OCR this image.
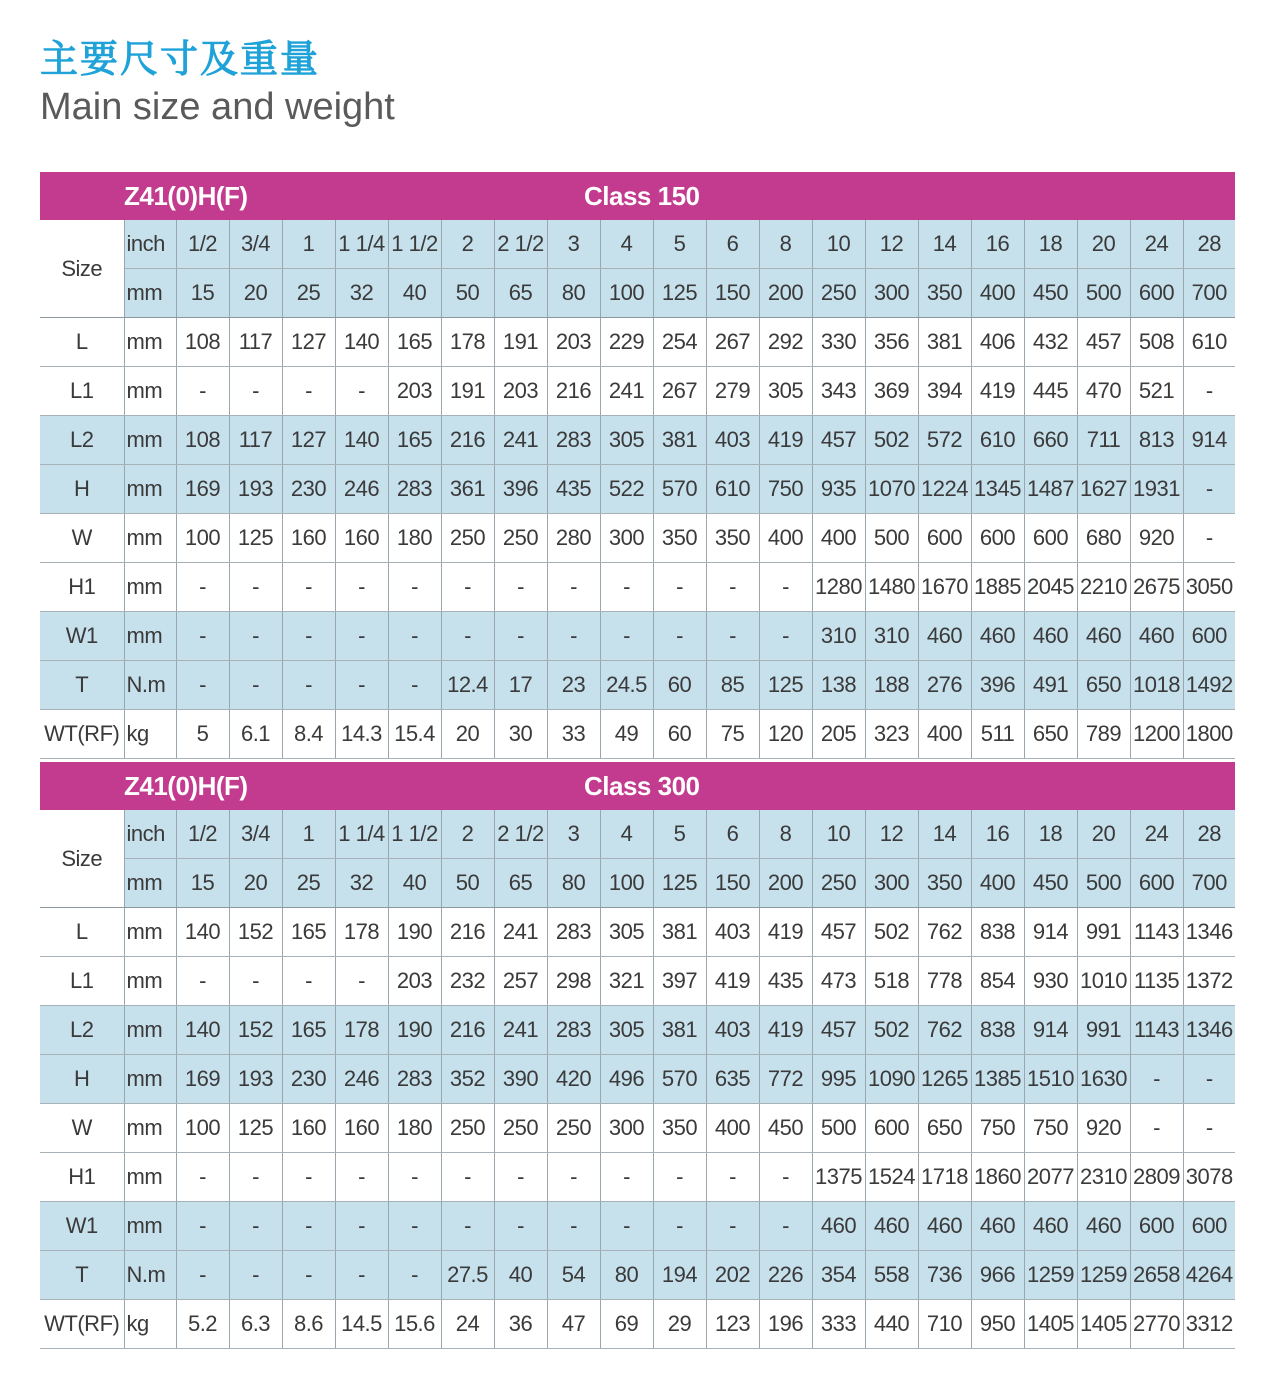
主要尺寸及重量
Main size and weight
Z41(0)H(F)		Class 150																			
Size	inch	1/2	3/4	1	1 1/4	1 1/2	2	2 1/2	3	4	5	6	8	10	12	14	16	18	20	24	28
	mm	15	20	25	32	40	50	65	80	100	125	150	200	250	300	350	400	450	500	600	700
L	mm	108	117	127	140	165	178	191	203	229	254	267	292	330	356	381	406	432	457	508	610
L1	mm	-	-	-	-	203	191	203	216	241	267	279	305	343	369	394	419	445	470	521	-
L2	mm	108	117	127	140	165	216	241	283	305	381	403	419	457	502	572	610	660	711	813	914
H	mm	169	193	230	246	283	361	396	435	522	570	610	750	935	1070	1224	1345	1487	1627	1931	-
W	mm	100	125	160	160	180	250	250	280	300	350	350	400	400	500	600	600	600	680	920	-
H1	mm	-	-	-	-	-	-	-	-	-	-	-	-	1280	1480	1670	1885	2045	2210	2675	3050
W1	mm	-	-	-	-	-	-	-	-	-	-	-	-	310	310	460	460	460	460	460	600
T	N.m	-	-	-	-	-	12.4	17	23	24.5	60	85	125	138	188	276	396	491	650	1018	1492
WT(RF)	kg	5	6.1	8.4	14.3	15.4	20	30	33	49	60	75	120	205	323	400	511	650	789	1200	1800
Z41(0)H(F)		Class 300																			
Size	inch	1/2	3/4	1	1 1/4	1 1/2	2	2 1/2	3	4	5	6	8	10	12	14	16	18	20	24	28
	mm	15	20	25	32	40	50	65	80	100	125	150	200	250	300	350	400	450	500	600	700
L	mm	140	152	165	178	190	216	241	283	305	381	403	419	457	502	762	838	914	991	1143	1346
L1	mm	-	-	-	-	203	232	257	298	321	397	419	435	473	518	778	854	930	1010	1135	1372
L2	mm	140	152	165	178	190	216	241	283	305	381	403	419	457	502	762	838	914	991	1143	1346
H	mm	169	193	230	246	283	352	390	420	496	570	635	772	995	1090	1265	1385	1510	1630	-	-
W	mm	100	125	160	160	180	250	250	250	300	350	400	450	500	600	650	750	750	920	-	-
H1	mm	-	-	-	-	-	-	-	-	-	-	-	-	1375	1524	1718	1860	2077	2310	2809	3078
W1	mm	-	-	-	-	-	-	-	-	-	-	-	-	460	460	460	460	460	460	600	600
T	N.m	-	-	-	-	-	27.5	40	54	80	194	202	226	354	558	736	966	1259	1259	2658	4264
WT(RF)	kg	5.2	6.3	8.6	14.5	15.6	24	36	47	69	29	123	196	333	440	710	950	1405	1405	2770	3312
